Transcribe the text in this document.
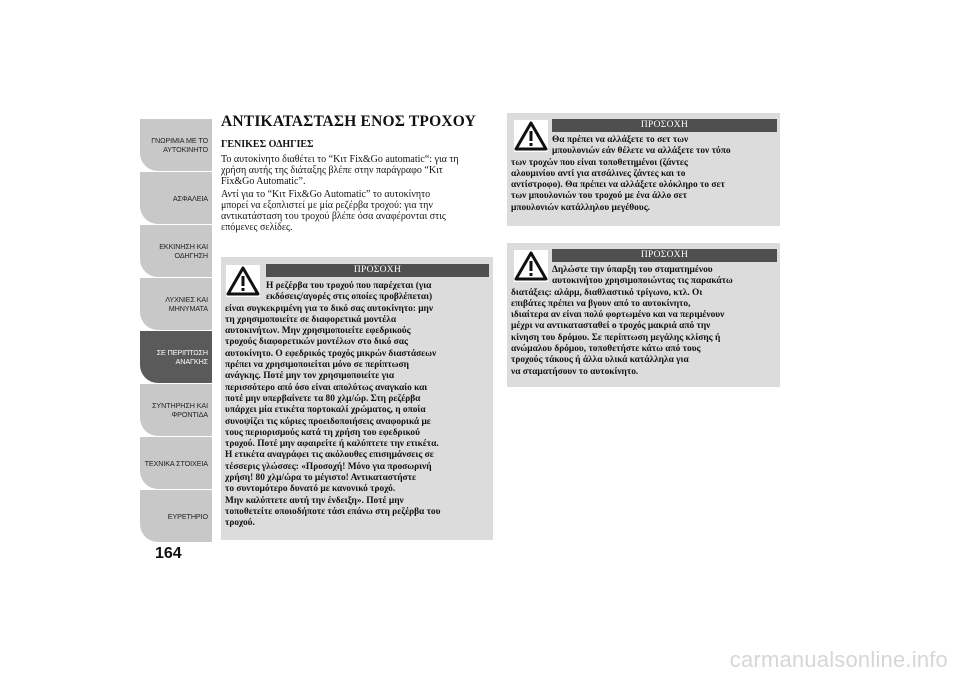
ΓΝΩΡΙΜΙΑ ΜΕ ΤΟ
ΑΥΤΟΚΙΝΗΤΟ
ΑΣΦΑΛΕΙΑ
ΕΚΚΙΝΗΣΗ ΚΑΙ
ΟΔΗΓΗΣΗ
ΛΥΧΝΙΕΣ ΚΑΙ
ΜΗΝΥΜΑΤΑ
ΣΕ ΠΕΡΙΠΤΩΣΗ
ΑΝΑΓΚΗΣ
ΣΥΝΤΗΡΗΣΗ ΚΑΙ
ΦΡΟΝΤΙΔΑ
ΤΕΧΝΙΚΑ ΣΤΟΙΧΕΙΑ
ΕΥΡΕΤΗΡΙΟ
164
ΑΝΤΙΚΑΤΑΣΤΑΣΗ ΕΝΟΣ ΤΡΟΧΟΥ
ΓΕΝΙΚΕΣ ΟΔΗΓΙΕΣ
Το αυτοκίνητο διαθέτει το “Κιτ Fix&Go automatic“: για τη
χρήση αυτής της διάταξης βλέπε στην παράγραφο “Κιτ
Fix&Go Automatic”.
Αντί για το “Κιτ Fix&Go Automatic” το αυτοκίνητο
μπορεί να εξοπλιστεί με μία ρεζέρβα τροχού: για την
αντικατάσταση του τροχού βλέπε όσα αναφέρονται στις
επόμενες σελίδες.
ΠΡΟΣΟΧΗ
Η ρεζέρβα του τροχού που παρέχεται (για
εκδόσεις/αγορές στις οποίες προβλέπεται)
είναι συγκεκριμένη για το δικό σας αυτοκίνητο: μην
τη χρησιμοποιείτε σε διαφορετικά μοντέλα
αυτοκινήτων. Μην χρησιμοποιείτε εφεδρικούς
τροχούς διαφορετικών μοντέλων στο δικό σας
αυτοκίνητο. Ο εφεδρικός τροχός μικρών διαστάσεων
πρέπει να χρησιμοποιείται μόνο σε περίπτωση
ανάγκης. Ποτέ μην τον χρησιμοποιείτε για
περισσότερο από όσο είναι απολύτως αναγκαίο και
ποτέ μην υπερβαίνετε τα 80 χλμ/ώρ. Στη ρεζέρβα
υπάρχει μία ετικέτα πορτοκαλί χρώματος, η οποία
συνοψίζει τις κύριες προειδοποιήσεις αναφορικά με
τους περιορισμούς κατά τη χρήση του εφεδρικού
τροχού. Ποτέ μην αφαιρείτε ή καλύπτετε την ετικέτα.
Η ετικέτα αναγράφει τις ακόλουθες επισημάνσεις σε
τέσσερις γλώσσες: «Προσοχή! Μόνο για προσωρινή
χρήση! 80 χλμ/ώρα το μέγιστο! Αντικαταστήστε
το συντομότερο δυνατό με κανονικό τροχό.
Μην καλύπτετε αυτή την ένδειξη». Ποτέ μην
τοποθετείτε οποιοδήποτε τάσι επάνω στη ρεζέρβα του
τροχού.
ΠΡΟΣΟΧΗ
Θα πρέπει να αλλάξετε το σετ των
μπουλονιών εάν θέλετε να αλλάξετε τον τύπο
των τροχών που είναι τοποθετημένοι (ζάντες
αλουμινίου αντί για ατσάλινες ζάντες και το
αντίστροφο). Θα πρέπει να αλλάξετε ολόκληρο το σετ
των μπουλονιών του τροχού με ένα άλλο σετ
μπουλονιών κατάλληλου μεγέθους.
ΠΡΟΣΟΧΗ
Δηλώστε την ύπαρξη του σταματημένου
αυτοκινήτου χρησιμοποιώντας τις παρακάτω
διατάξεις: αλάρμ, διαθλαστικό τρίγωνο, κτλ. Οι
επιβάτες πρέπει να βγουν από το αυτοκίνητο,
ιδιαίτερα αν είναι πολύ φορτωμένο και να περιμένουν
μέχρι να αντικατασταθεί ο τροχός μακριά από την
κίνηση του δρόμου. Σε περίπτωση μεγάλης κλίσης ή
ανώμαλου δρόμου, τοποθετήστε κάτω από τους
τροχούς τάκους ή άλλα υλικά κατάλληλα για
να σταματήσουν το αυτοκίνητο.
carmanualsonline.info
